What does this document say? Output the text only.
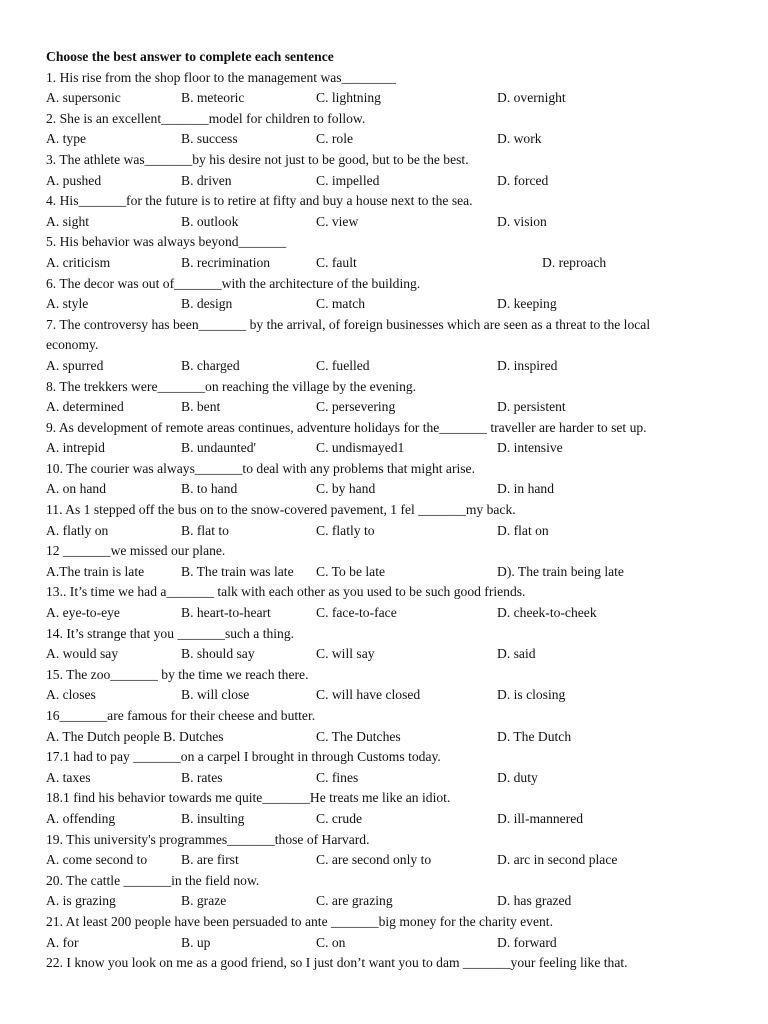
Choose the best answer to complete each sentence
1. His rise from the shop floor to the management was________
A. supersonic	B. meteoric	C. lightning	D. overnight
2. She is an excellent_______model for children to follow.
A. type	B. success	C. role	D. work
3. The athlete was_______by his desire not just to be good, but to be the best.
A. pushed	B. driven	C. impelled	D. forced
4. His_______for the future is to retire at fifty and buy a house next to the sea.
A. sight	B. outlook	C. view	D. vision
5. His behavior was always beyond_______
A. criticism	B. recrimination	C. fault	D. reproach
6. The decor was out of_______with the architecture of the building.
A. style	B. design	C. match	D. keeping
7. The controversy has been_______ by the arrival, of foreign businesses which are seen as a threat to the local
economy.
A. spurred	B. charged	C. fuelled	D. inspired
8. The trekkers were_______on reaching the village by the evening.
A. determined	B. bent	C. persevering	D. persistent
9. As development of remote areas continues, adventure holidays for the_______ traveller are harder to set up.
A. intrepid	B. undaunted'	C. undismayed1	D. intensive
10. The courier was always_______to deal with any problems that might arise.
A. on hand	B. to hand	C. by hand	D. in hand
11. As 1 stepped off the bus on to the snow-covered pavement, 1 fel _______my back.
A. flatly on	B. flat to	C. flatly to	D. flat on
12 _______we missed our plane.
A.The train is late	B. The train was late C. To be late	D). The train being late
13.. It’s time we had a_______ talk with each other as you used to be such good friends.
A. eye-to-eye	B. heart-to-heart	C. face-to-face	D. cheek-to-cheek
14. It’s strange that you _______such a thing.
A. would say	B. should say	C. will say	D. said
15. The zoo_______ by the time we reach there.
A. closes	B. will close	C. will have closed	D. is closing
16_______are famous for their cheese and butter.
A. The Dutch people B. Dutches	C. The Dutches	D. The Dutch
17.1 had to pay _______on a carpel I brought in through Customs today.
A. taxes	B. rates	C. fines	D. duty
18.1 find his behavior towards me quite_______He treats me like an idiot.
A. offending	B. insulting	C. crude	D. ill-mannered
19. This university's programmes_______those of Harvard.
A. come second to B. are first	C. are second only to	D. arc in second place
20. The cattle _______in the field now.
A. is grazing	B. graze	C. are grazing	D. has grazed
21. At least 200 people have been persuaded to ante _______big money for the charity event.
A. for	B. up	C. on	D. forward
22. I know you look on me as a good friend, so I just don’t want you to dam _______your feeling like that.
